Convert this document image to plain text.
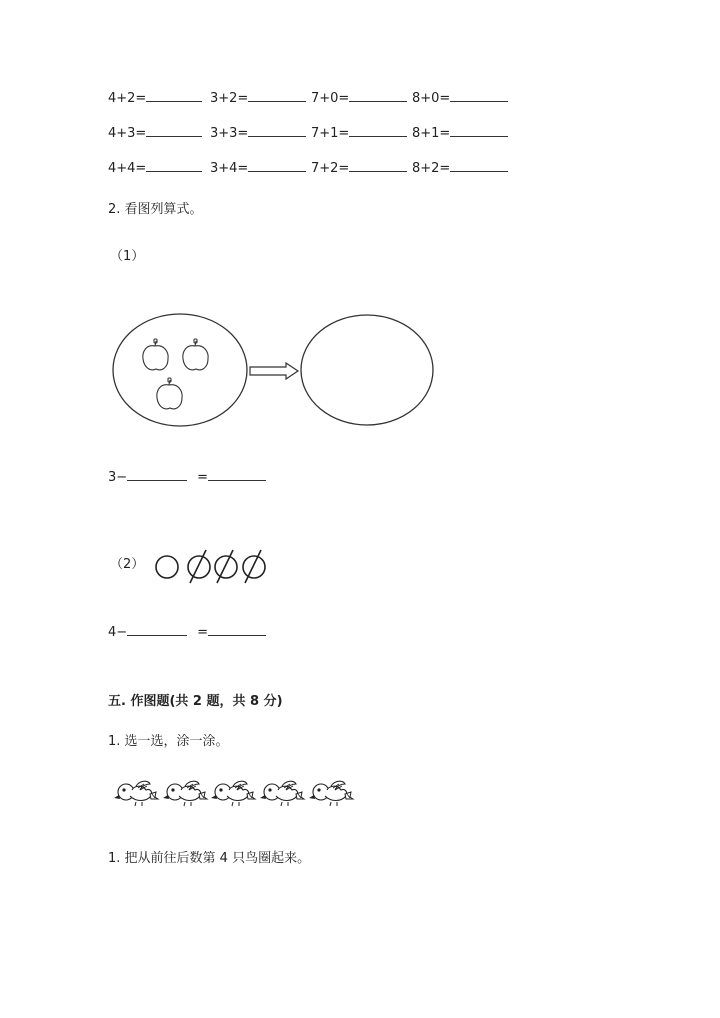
4+2=	3+2=	7+0=	8+0=
4+3=	3+3=	7+1=	8+1=
4+4=	3+4=	7+2=	8+2=
2. 看图列算式。
（1）
3−	=
（2）
4−	=
五. 作图题(共 2 题，共 8 分)
1. 选一选，涂一涂。
1. 把从前往后数第 4 只鸟圈起来。
